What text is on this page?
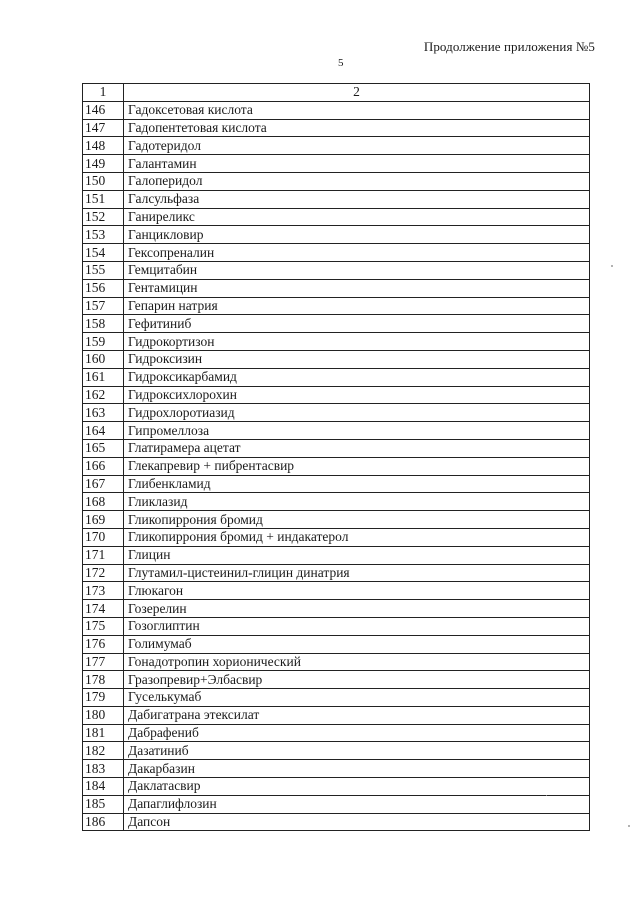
Продолжение приложения №5
5
1	2
146	Гадоксетовая кислота
147	Гадопентетовая кислота
148	Гадотеридол
149	Галантамин
150	Галоперидол
151	Галсульфаза
152	Ганиреликс
153	Ганцикловир
154	Гексопреналин
155	Гемцитабин
156	Гентамицин
157	Гепарин натрия
158	Гефитиниб
159	Гидрокортизон
160	Гидроксизин
161	Гидроксикарбамид
162	Гидроксихлорохин
163	Гидрохлоротиазид
164	Гипромеллоза
165	Глатирамера ацетат
166	Глекапревир + пибрентасвир
167	Глибенкламид
168	Гликлазид
169	Гликопиррония бромид
170	Гликопиррония бромид + индакатерол
171	Глицин
172	Глутамил-цистеинил-глицин динатрия
173	Глюкагон
174	Гозерелин
175	Гозоглиптин
176	Голимумаб
177	Гонадотропин хорионический
178	Гразопревир+Элбасвир
179	Гуселькумаб
180	Дабигатрана этексилат
181	Дабрафениб
182	Дазатиниб
183	Дакарбазин
184	Даклатасвир
185	Дапаглифлозин
186	Дапсон
